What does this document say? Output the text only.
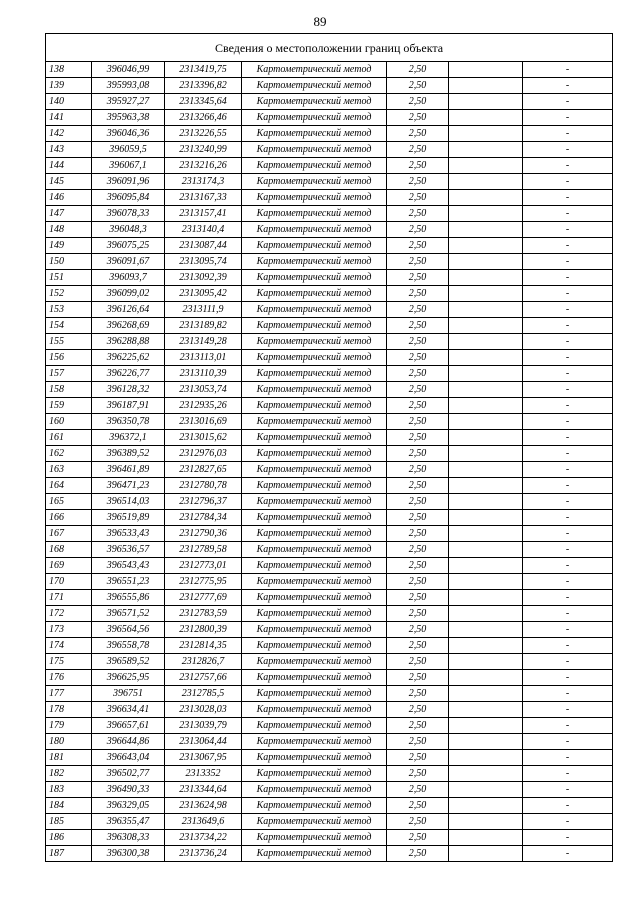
89
Сведения о местоположении границ объекта						
138	396046,99	2313419,75	Картометрический метод	2,50		-
139	395993,08	2313396,82	Картометрический метод	2,50		-
140	395927,27	2313345,64	Картометрический метод	2,50		-
141	395963,38	2313266,46	Картометрический метод	2,50		-
142	396046,36	2313226,55	Картометрический метод	2,50		-
143	396059,5	2313240,99	Картометрический метод	2,50		-
144	396067,1	2313216,26	Картометрический метод	2,50		-
145	396091,96	2313174,3	Картометрический метод	2,50		-
146	396095,84	2313167,33	Картометрический метод	2,50		-
147	396078,33	2313157,41	Картометрический метод	2,50		-
148	396048,3	2313140,4	Картометрический метод	2,50		-
149	396075,25	2313087,44	Картометрический метод	2,50		-
150	396091,67	2313095,74	Картометрический метод	2,50		-
151	396093,7	2313092,39	Картометрический метод	2,50		-
152	396099,02	2313095,42	Картометрический метод	2,50		-
153	396126,64	2313111,9	Картометрический метод	2,50		-
154	396268,69	2313189,82	Картометрический метод	2,50		-
155	396288,88	2313149,28	Картометрический метод	2,50		-
156	396225,62	2313113,01	Картометрический метод	2,50		-
157	396226,77	2313110,39	Картометрический метод	2,50		-
158	396128,32	2313053,74	Картометрический метод	2,50		-
159	396187,91	2312935,26	Картометрический метод	2,50		-
160	396350,78	2313016,69	Картометрический метод	2,50		-
161	396372,1	2313015,62	Картометрический метод	2,50		-
162	396389,52	2312976,03	Картометрический метод	2,50		-
163	396461,89	2312827,65	Картометрический метод	2,50		-
164	396471,23	2312780,78	Картометрический метод	2,50		-
165	396514,03	2312796,37	Картометрический метод	2,50		-
166	396519,89	2312784,34	Картометрический метод	2,50		-
167	396533,43	2312790,36	Картометрический метод	2,50		-
168	396536,57	2312789,58	Картометрический метод	2,50		-
169	396543,43	2312773,01	Картометрический метод	2,50		-
170	396551,23	2312775,95	Картометрический метод	2,50		-
171	396555,86	2312777,69	Картометрический метод	2,50		-
172	396571,52	2312783,59	Картометрический метод	2,50		-
173	396564,56	2312800,39	Картометрический метод	2,50		-
174	396558,78	2312814,35	Картометрический метод	2,50		-
175	396589,52	2312826,7	Картометрический метод	2,50		-
176	396625,95	2312757,66	Картометрический метод	2,50		-
177	396751	2312785,5	Картометрический метод	2,50		-
178	396634,41	2313028,03	Картометрический метод	2,50		-
179	396657,61	2313039,79	Картометрический метод	2,50		-
180	396644,86	2313064,44	Картометрический метод	2,50		-
181	396643,04	2313067,95	Картометрический метод	2,50		-
182	396502,77	2313352	Картометрический метод	2,50		-
183	396490,33	2313344,64	Картометрический метод	2,50		-
184	396329,05	2313624,98	Картометрический метод	2,50		-
185	396355,47	2313649,6	Картометрический метод	2,50		-
186	396308,33	2313734,22	Картометрический метод	2,50		-
187	396300,38	2313736,24	Картометрический метод	2,50		-
